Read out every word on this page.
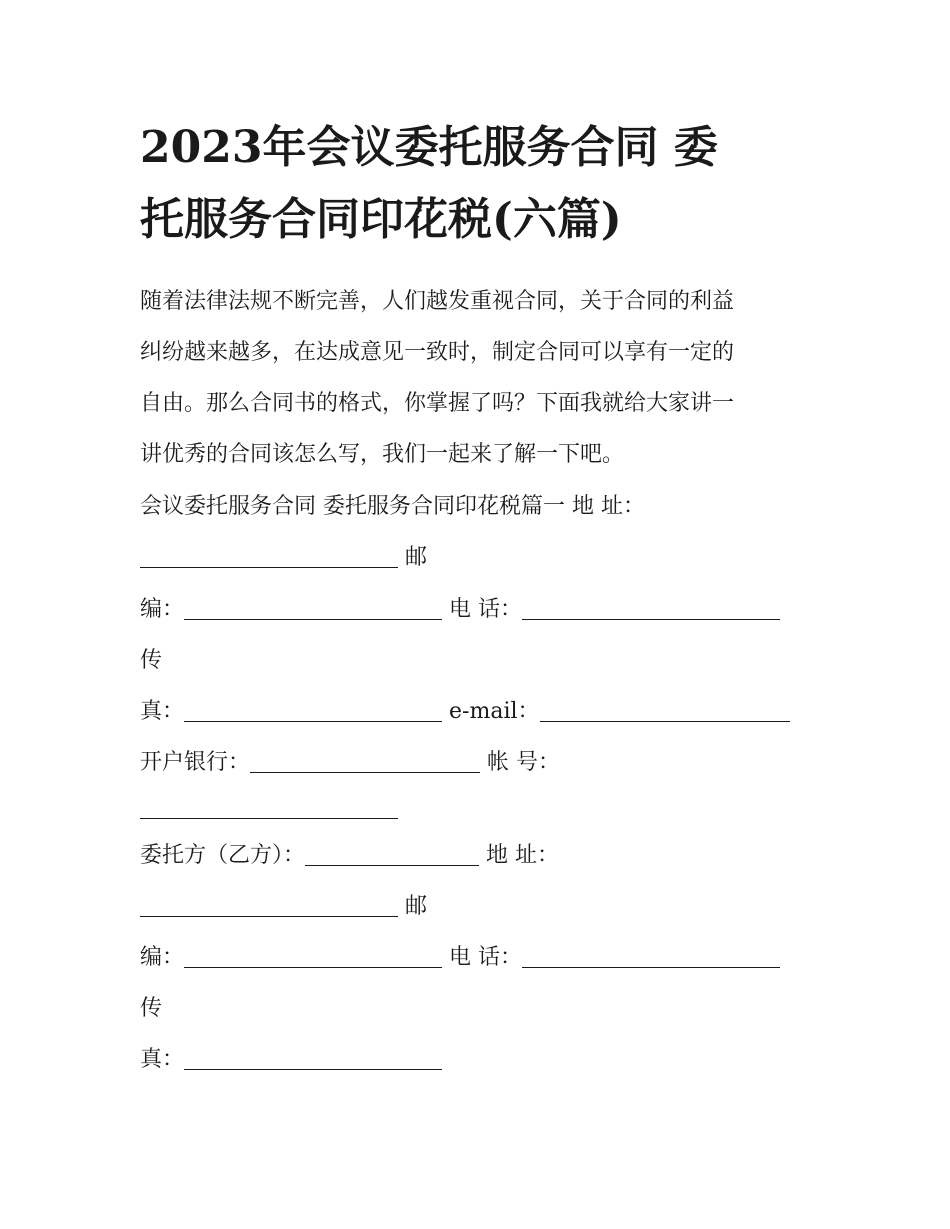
2023年会议委托服务合同 委
托服务合同印花税(六篇)
随着法律法规不断完善，人们越发重视合同，关于合同的利益
纠纷越来越多，在达成意见一致时，制定合同可以享有一定的
自由。那么合同书的格式，你掌握了吗？下面我就给大家讲一
讲优秀的合同该怎么写，我们一起来了解一下吧。
会议委托服务合同 委托服务合同印花税篇一 地 址：
邮
编：	电 话：
传
真：	e-mail：
开户银行：	帐 号：
委托方（乙方）：	地 址：
邮
编：	电 话：
传
真：
